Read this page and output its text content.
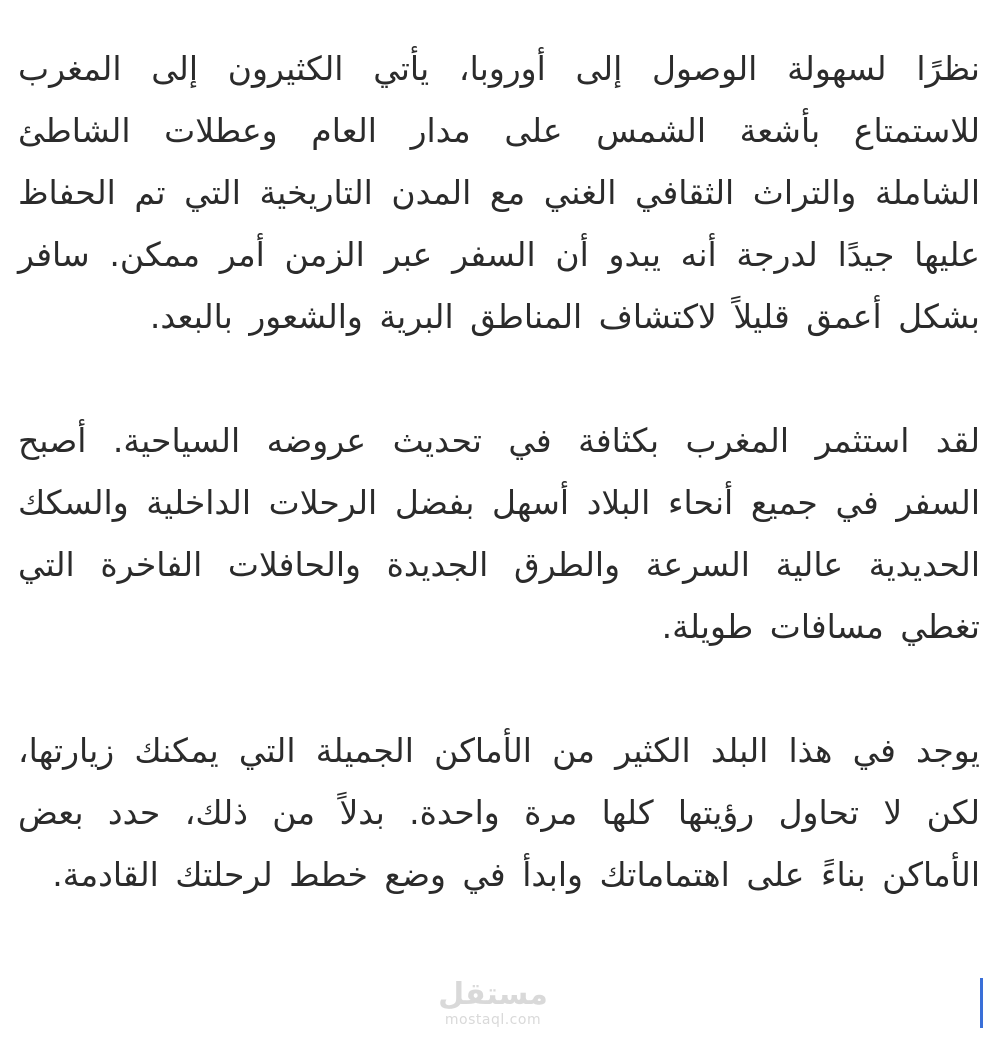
نظرًا لسهولة الوصول إلى أوروبا، يأتي الكثيرون إلى المغرب للاستمتاع بأشعة الشمس على مدار العام وعطلات الشاطئ الشاملة والتراث الثقافي الغني مع المدن التاريخية التي تم الحفاظ عليها جيدًا لدرجة أنه يبدو أن السفر عبر الزمن أمر ممكن. سافر بشكل أعمق قليلاً لاكتشاف المناطق البرية والشعور بالبعد.

لقد استثمر المغرب بكثافة في تحديث عروضه السياحية. أصبح السفر في جميع أنحاء البلاد أسهل بفضل الرحلات الداخلية والسكك الحديدية عالية السرعة والطرق الجديدة والحافلات الفاخرة التي تغطي مسافات طويلة.

يوجد في هذا البلد الكثير من الأماكن الجميلة التي يمكنك زيارتها، لكن لا تحاول رؤيتها كلها مرة واحدة. بدلاً من ذلك، حدد بعض الأماكن بناءً على اهتماماتك وابدأ في وضع خطط لرحلتك القادمة.

مستقل
mostaql.com
